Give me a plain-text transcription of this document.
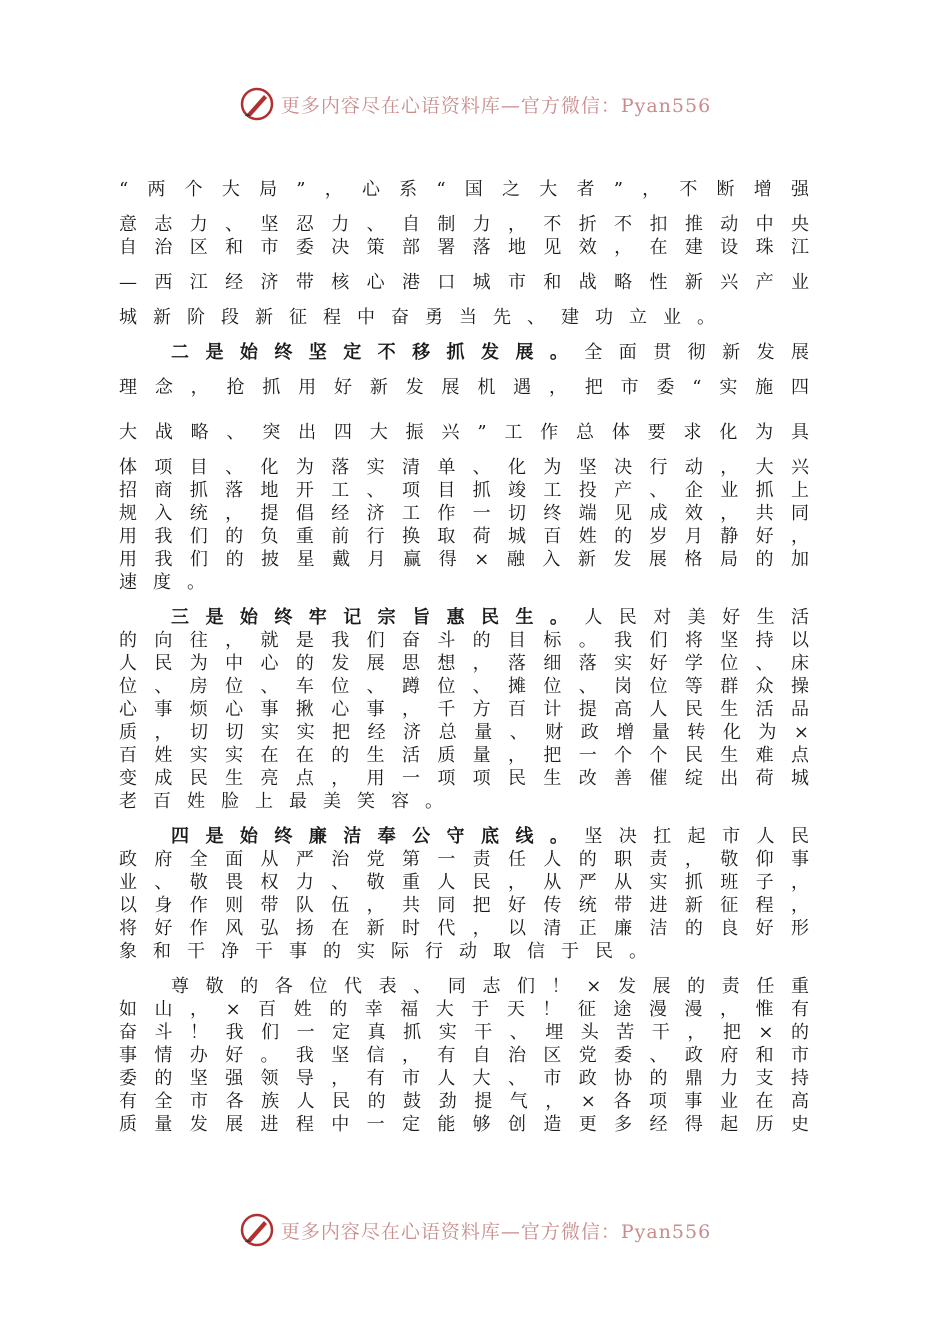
更多内容尽在心语资料库—官方微信：Pyan556
“两个大局”，心系“国之大者”，不断增强
意志力、坚忍力、自制力，不折不扣推动中央
自治区和市委决策部署落地见效，在建设珠江
—西江经济带核心港口城市和战略性新兴产业
城新阶段新征程中奋勇当先、建功立业。
二是始终坚定不移抓发展。全面贯彻新发展
理念，抢抓用好新发展机遇，把市委“实施四
大战略、突出四大振兴”工作总体要求化为具
体项目、化为落实清单、化为坚决行动，大兴
招商抓落地开工、项目抓竣工投产、企业抓上
规入统，提倡经济工作一切终端见成效，共同
用我们的负重前行换取荷城百姓的岁月静好，
用我们的披星戴月赢得×融入新发展格局的加
速度。
三是始终牢记宗旨惠民生。人民对美好生活
的向往，就是我们奋斗的目标。我们将坚持以
人民为中心的发展思想，落细落实好学位、床
位、房位、车位、蹲位、摊位、岗位等群众操
心事烦心事揪心事，千方百计提高人民生活品
质，切切实实把经济总量、财政增量转化为×
百姓实实在在的生活质量，把一个个民生难点
变成民生亮点，用一项项民生改善催绽出荷城
老百姓脸上最美笑容。
四是始终廉洁奉公守底线。坚决扛起市人民
政府全面从严治党第一责任人的职责，敬仰事
业、敬畏权力、敬重人民，从严从实抓班子，
以身作则带队伍，共同把好传统带进新征程，
将好作风弘扬在新时代，以清正廉洁的良好形
象和干净干事的实际行动取信于民。
尊敬的各位代表、同志们！×发展的责任重
如山，×百姓的幸福大于天！征途漫漫，惟有
奋斗！我们一定真抓实干、埋头苦干，把×的
事情办好。我坚信，有自治区党委、政府和市
委的坚强领导，有市人大、市政协的鼎力支持
有全市各族人民的鼓劲提气，×各项事业在高
质量发展进程中一定能够创造更多经得起历史
更多内容尽在心语资料库—官方微信：Pyan556
